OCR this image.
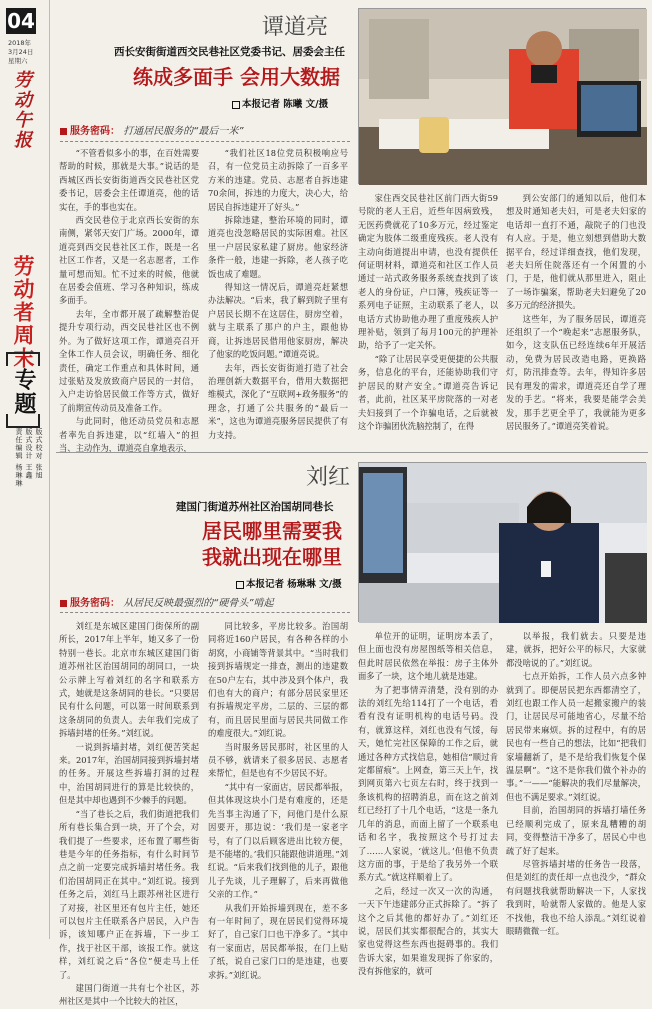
04
2018年
3月24日
星期六
劳动午报
劳动者周末
专题
版式校对 张旭
版式设计 王鑫
责任编辑 杨琳琳
谭道亮
西长安街街道西交民巷社区党委书记、居委会主任
练成多面手 会用大数据
本报记者 陈曦 文/摄
服务密码： 打通居民服务的“最后一米”

“不管看似多小的事，在百姓需要帮助的时候，那就是大事。”说话的是西城区西长安街街道西交民巷社区党委书记，居委会主任谭道亮，他的话实在，手的事也实在。

西交民巷位于北京西长安街的东南侧，紧邻天安门广场。2000年，谭道亮到西交民巷社区工作，既是一名社区工作者，又是一名志愿者，工作量可想而知。忙不过来的时候，他就在居委会值班、学习各种知识，练成多面手。

去年，全市都开展了疏解整治促提升专项行动，西交民巷社区也不例外。为了做好这项工作，谭道亮召开全体工作人员会议，明确任务、细化责任，确定工作重点和具体时间，通过张贴及发放致商户居民的一封信，入户走访恰居民做工作等方式，做好了前期宣传动员及准备工作。

与此同时，他还动员党员和志愿者率先自拆违建，以“红墙入”的担当、主动作为，谭道亮自拿地表示，

“我们社区18位党员积极响应号召，有一位党员主动拆除了一百多平方米的违建。党员、志愿者自拆违建70余间，拆违的力度大，决心大，给居民自拆违建开了好头。”

拆除违建，整治环境的同时，谭道亮也没忽略居民的实际困难。社区里一户居民家私建了厨房。他家经济条件一般，违建一拆除，老人孩子吃饭也成了难题。

得知这一情况后，谭道亮赶紧想办法解决。“后来，我了解到院子里有户居民长期不在这居住，厨房空着，就与主联系了那户的户主，跟他协商，让拆违居民借用他家厨房，解决了他家的吃饭问题。”谭道亮说。

去年，西长安街街道打造了社会治理创新大数据平台，借用大数据把维模式，深化了“互联网+政务服务”的理念，打通了公共服务的“最后一米”，这也为谭道亮服务居民提供了有力支持。

家住西交民巷社区前门西大街59号院的老人王启，近些年因病致残，无医药费就花了10多万元，经过鉴定确定为肢体二级重度残疾。老人没有主动向街道提出申请，也没有提供任何证明材料，谭道亮和社区工作人员通过一站式政务服务系统查找到了该老人的身份证，户口簿，残疾证等一系列电子证照，主动联系了老人，以电话方式协助他办理了重度残疾人护理补贴，领到了每月100元的护理补助，给予了一定关怀。

“除了让居民享受更便捷的公共服务，信息化的平台，还能协助我们守护居民的财产安全。”谭道亮告诉记者，此前，社区某平房院落的一对老夫妇接到了一个诈骗电话，之后就被这个诈骗团伙洗脑控制了，在得

到公安部门的通知以后，他们本想及时通知老夫妇，可是老夫妇家的电话却一直打不通，敲院子的门也没有人应。于是，他立刻想到借助大数据平台，经过详细查找，他们发现，老夫妇所住院落还有一个闲置的小门，于是，他们就从那里进入，阻止了一场诈骗案，帮助老夫妇避免了20多万元的经济损失。

这些年，为了服务居民，谭道亮还组织了一个“晚起来”志愿服务队，如今，这支队伍已经连续6年开展活动，免费为居民改造电路，更换路灯，防汛排查等。去年，得知许多居民有理发的需求，谭道亮还自学了理发的手艺。“将来，我要是能学会美发，那手艺更全乎了，我就能为更多居民服务了。”谭道亮笑着说。

刘红
建国门街道苏州社区治国胡同巷长
居民哪里需要我
我就出现在哪里
本报记者 杨琳琳 文/摄
服务密码： 从居民反映最强烈的“硬骨头”啃起

刘红是东城区建国门街保所的副所长，2017年上半年，她又多了一份特别一巷长。北京市东城区建国门街道苏州社区治国胡同的胡同口，一块公示牌上写着刘红的名字和联系方式，她就是这条胡同的巷长。“只要居民有什么问题，可以第一时间联系到这条胡同的负责人。去年我们完成了拆墙封堵的任务。”刘红说。

一说到拆墙封堵，刘红便苦笑起来。2017年，治国胡同接到拆墙封堵的任务。开展这些拆墙打洞的过程中，治国胡同进行的算是比较快的，但是其中却也遇到不少棘手的问题。

“当了巷长之后，我们街道把我们所有巷长集合到一块，开了个会，对我们提了一些要求，还布置了哪些街巷是今年的任务指标，有什么时间节点之前一定要完成拆墙封堵任务。我们治国胡同正在其中。”刘红说。接到任务之后，刘红马上跟苏州社区进行了对接，社区里还有包片主任，她还可以包片主任联系各户居民，入户告诉，该知哪户正在拆墙，下一步工作，找于社区干部，该报工作。就这样，刘红说之后“各位”便走马上任了。

建国门街道一共有七个社区，苏州社区是其中一个比较大的社区，

同比较多，平房比较多。治国胡同将近160户居民，有各种各样的小胡窝，小商铺等背景其中。“当时我们接到拆墙规定一排查，测出的违建数在50户左右，其中涉及到个体户，我们也有大的商户；有部分居民家里还有拆墙规定平房，二层的、三层的都有，而且居民里面与居民共同做工作的难度很大。”刘红说。

当时服务居民那时，社区里的人员不够，就请来了很多居民、志愿者来帮忙，但是也有不少居民不好。

“其中有一家面店，居民都举报，但其体现这块小门是有难度的，还是先当事主沟通了下，问他门是什么原因要开，那边说：‘我们是一家老字号，有了门以后顾客进出比较方便，是不能堵的。’我们只能跟他讲道理。”刘红说。“后来我们找到他的儿子，跟他儿子先谈，儿子理解了，后来再做他父亲的工作。”

从我们开始拆墙到现在，差不多有一年时间了，现在居民们觉得环境好了，自己家门口也干净多了。“其中有一家面店，居民都举报，在门上贴了纸，说自己家门口的是违建，也要求拆。”刘红说。

单位开的证明，证明房本丢了，但上面也没有房屋图纸等相关信息，但此时居民依然在举报：房子主体外面多了一块，这个地儿就是违建。

为了把事情弄清楚，没有别的办法的刘红先给114打了一个电话，看看有没有证明机构的电话号码。没有，就算这样，刘红也没有气馁，每天，她忙完社区保障的工作之后，就通过各种方式找信息，她相信“顺过肯定都留痕”。上网查，第三天上午，找到网页第六七页左右时，终于找到一条该机构的招聘消息，而在这之前刘红已经打了十几个电话，“这是一条九几年的消息，而面上留了一个联系电话和名字，我按照这个号打过去了……人家说，‘就这儿。’但他不负责这方面的事，于是给了我另外一个联系方式。”就这样顺着上了。

之后，经过一次又一次的沟通，一天下午违建部分正式拆除了。“拆了这个之后其他的都好办了。”刘红还说，居民们其实都很配合的，其实大家也觉得这些东西也挺碍事的。我们告诉大家，如果谁发现拆了你家的，没有拆他家的，就可

以举报，我们就去。只要是违建，就拆，把好公平的标尺，大家就都没啥说的了。”刘红说。

七点开始拆，工作人员六点多钟就到了。即便居民把东西都清空了，刘红也跟工作人员一起搬家搬户的装门，让居民尽可能地省心，尽量不给居民带来麻烦。拆的过程中，有的居民也有一些自己的想法，比如“把我们家墙翻新了，是不是给我们恢复个保温层啊”。“这不是你我们做个补办的事。”一——“能解决的我们尽量解决，但也不满足要求。”刘红说。

目前，治国胡同的拆墙打墙任务已经顺利完成了，原来乱糟糟的胡同，变得整洁干净多了，居民心中也疏了好了起来。

尽管拆墙封堵的任务告一段落，但是刘红的责任却一点也没少，“群众有问题找我就帮助解决一下，人家找我到时，哈就帮人家做的。他是人家不找他，我也不给人添乱。”刘红说着眼睛微微一红。
